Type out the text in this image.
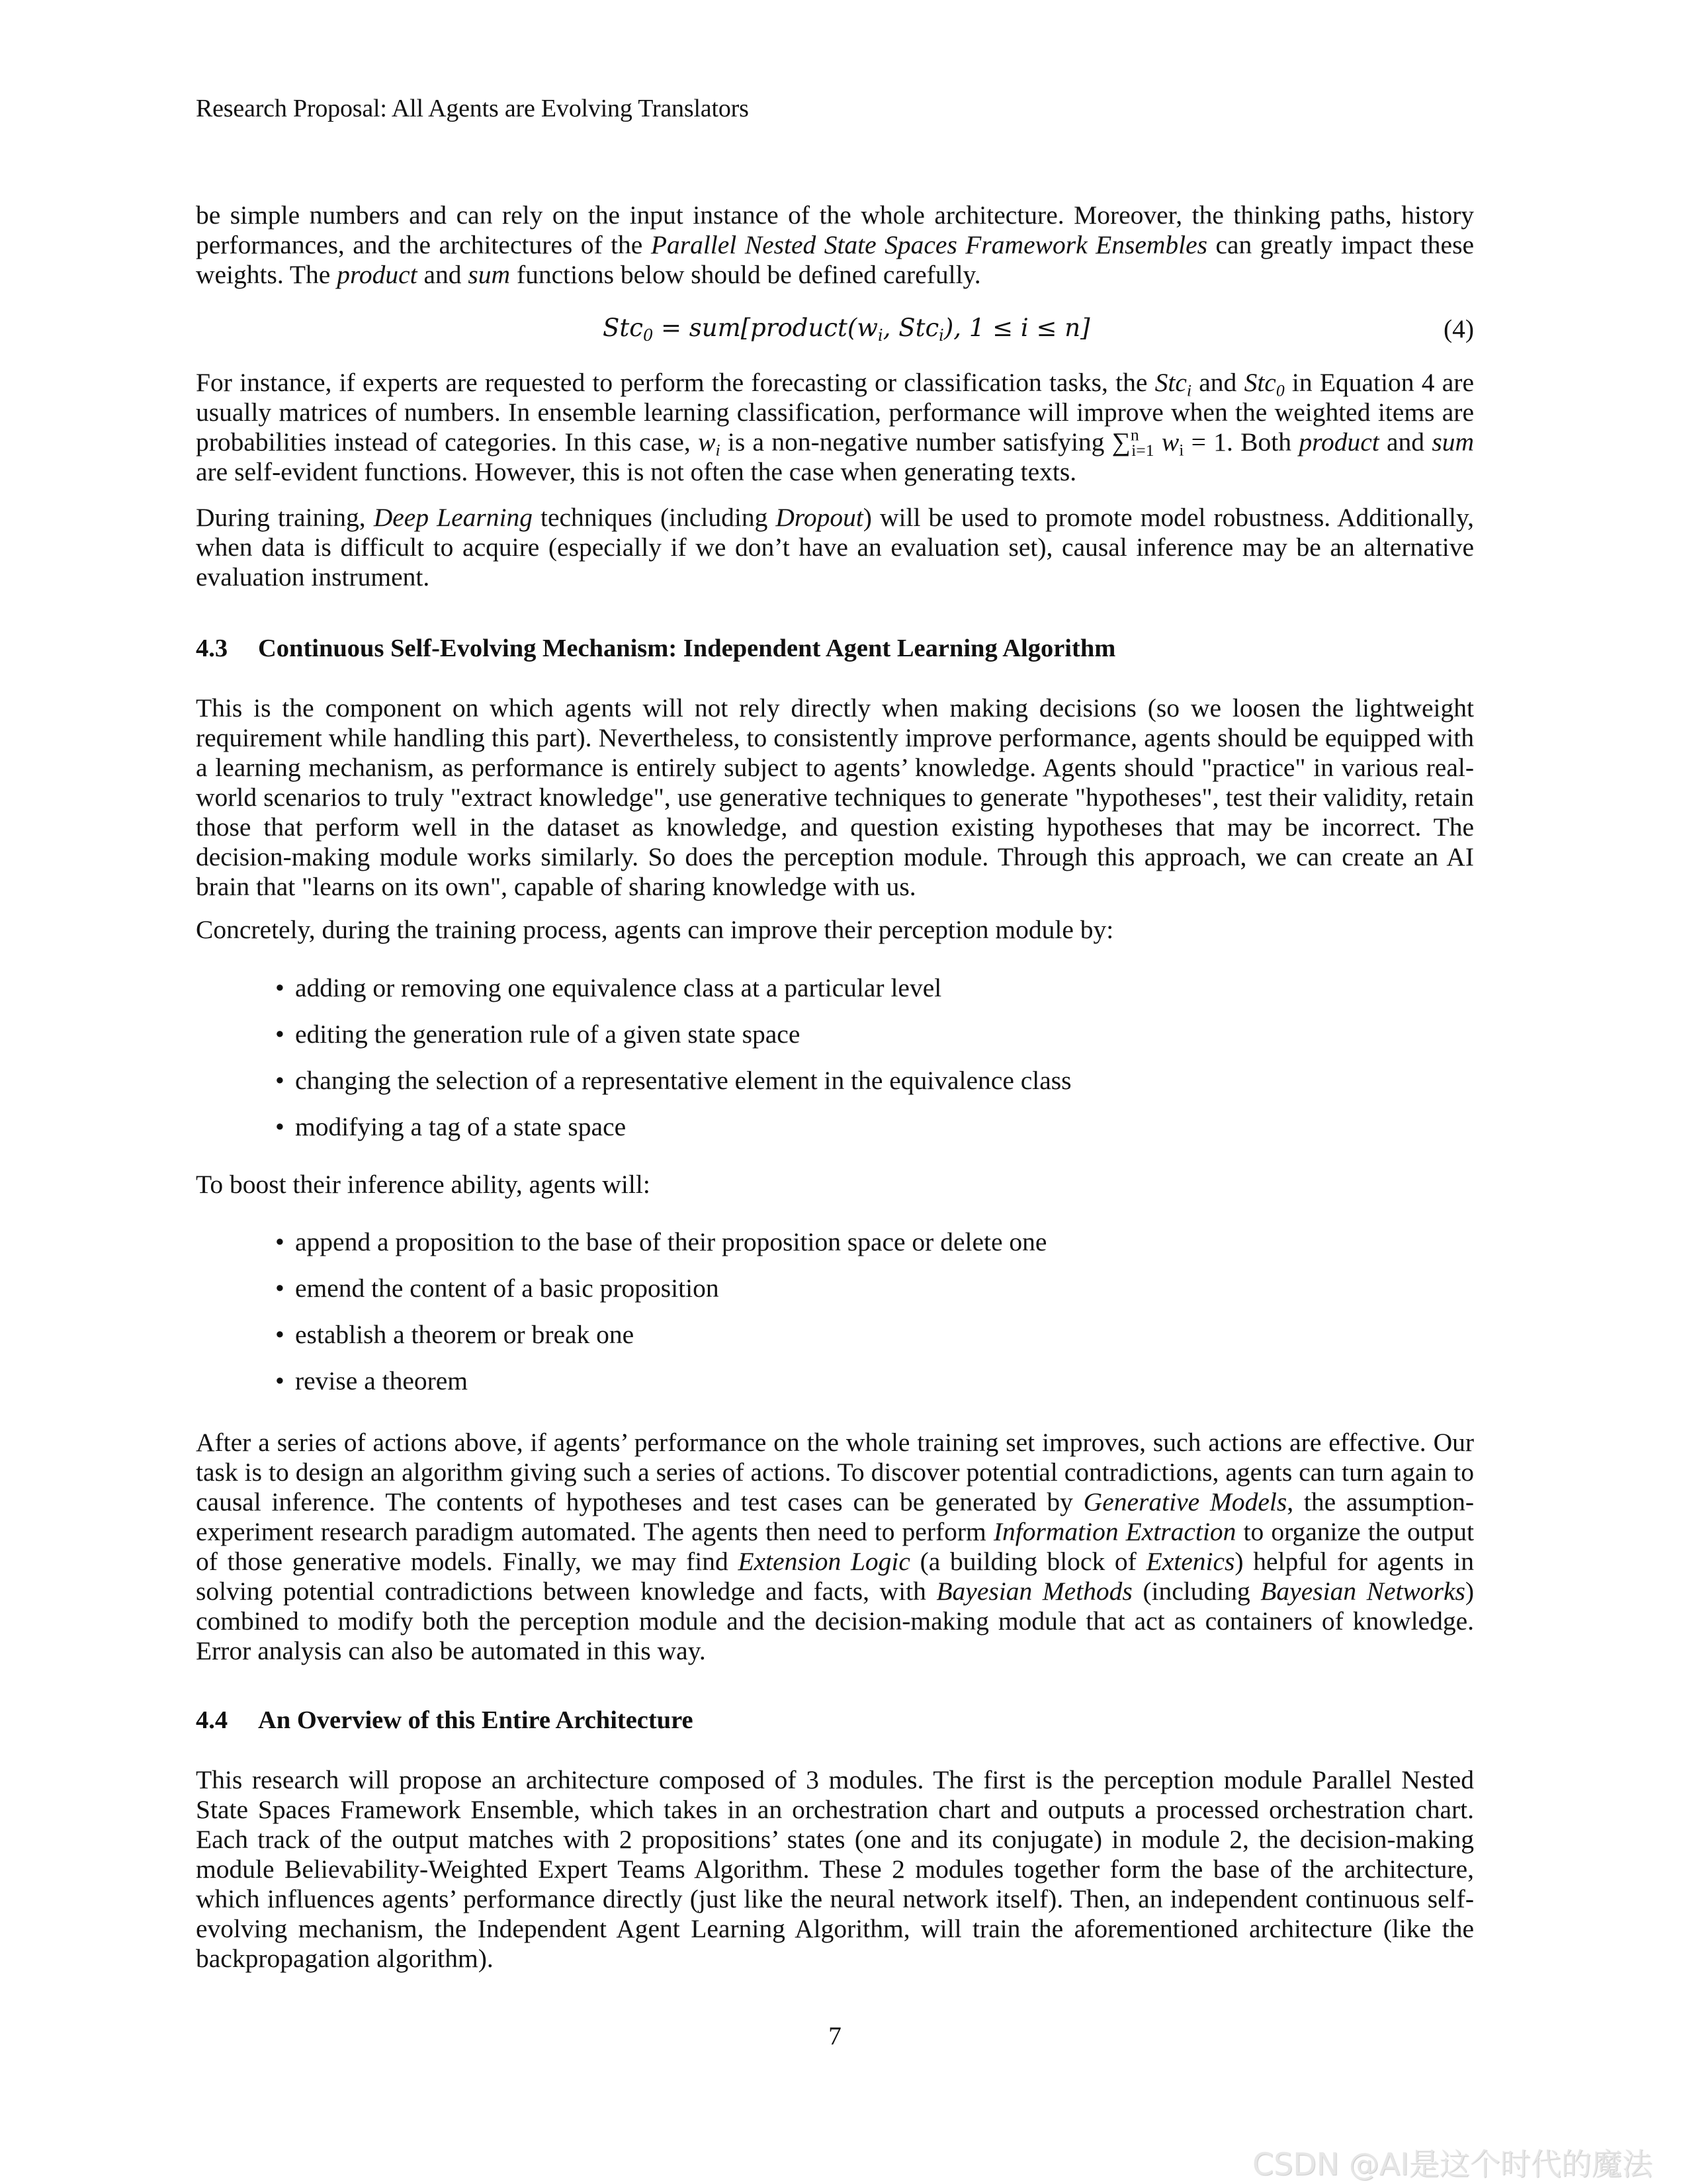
Research Proposal: All Agents are Evolving Translators

be simple numbers and can rely on the input instance of the whole architecture. Moreover, the thinking paths, history performances, and the architectures of the Parallel Nested State Spaces Framework Ensembles can greatly impact these weights. The product and sum functions below should be defined carefully.

$Stc_0 = sum[product(w_i$, Stc$_i$), 1 ≤ i ≤ n]	(4)

For instance, if experts are requested to perform the forecasting or classification tasks, the Stc$_i$ and Stc$_0$ in Equation 4 are usually matrices of numbers. In ensemble learning classification, performance will improve when the weighted items are probabilities instead of categories. In this case, $w_i$ is a non-negative number satisfying ∑$^n_{i=1}$ $w_i = 1$. Both product and sum are self-evident functions. However, this is not often the case when generating texts.

During training, Deep Learning techniques (including Dropout) will be used to promote model robustness. Additionally, when data is difficult to acquire (especially if we don’t have an evaluation set), causal inference may be an alternative evaluation instrument.

4.3 Continuous Self-Evolving Mechanism: Independent Agent Learning Algorithm

This is the component on which agents will not rely directly when making decisions (so we loosen the lightweight requirement while handling this part). Nevertheless, to consistently improve performance, agents should be equipped with a learning mechanism, as performance is entirely subject to agents’ knowledge. Agents should "practice" in various real-world scenarios to truly "extract knowledge", use generative techniques to generate "hypotheses", test their validity, retain those that perform well in the dataset as knowledge, and question existing hypotheses that may be incorrect. The decision-making module works similarly. So does the perception module. Through this approach, we can create an AI brain that "learns on its own", capable of sharing knowledge with us.

Concretely, during the training process, agents can improve their perception module by:

• adding or removing one equivalence class at a particular level
• editing the generation rule of a given state space
• changing the selection of a representative element in the equivalence class
• modifying a tag of a state space

To boost their inference ability, agents will:

• append a proposition to the base of their proposition space or delete one
• emend the content of a basic proposition
• establish a theorem or break one
• revise a theorem

After a series of actions above, if agents’ performance on the whole training set improves, such actions are effective. Our task is to design an algorithm giving such a series of actions. To discover potential contradictions, agents can turn again to causal inference. The contents of hypotheses and test cases can be generated by Generative Models, the assumption-experiment research paradigm automated. The agents then need to perform Information Extraction to organize the output of those generative models. Finally, we may find Extension Logic (a building block of Extenics) helpful for agents in solving potential contradictions between knowledge and facts, with Bayesian Methods (including Bayesian Networks) combined to modify both the perception module and the decision-making module that act as containers of knowledge. Error analysis can also be automated in this way.

4.4 An Overview of this Entire Architecture

This research will propose an architecture composed of 3 modules. The first is the perception module Parallel Nested State Spaces Framework Ensemble, which takes in an orchestration chart and outputs a processed orchestration chart. Each track of the output matches with 2 propositions’ states (one and its conjugate) in module 2, the decision-making module Believability-Weighted Expert Teams Algorithm. These 2 modules together form the base of the architecture, which influences agents’ performance directly (just like the neural network itself). Then, an independent continuous self-evolving mechanism, the Independent Agent Learning Algorithm, will train the aforementioned architecture (like the backpropagation algorithm).

7
CSDN @AI是这个时代的魔法
